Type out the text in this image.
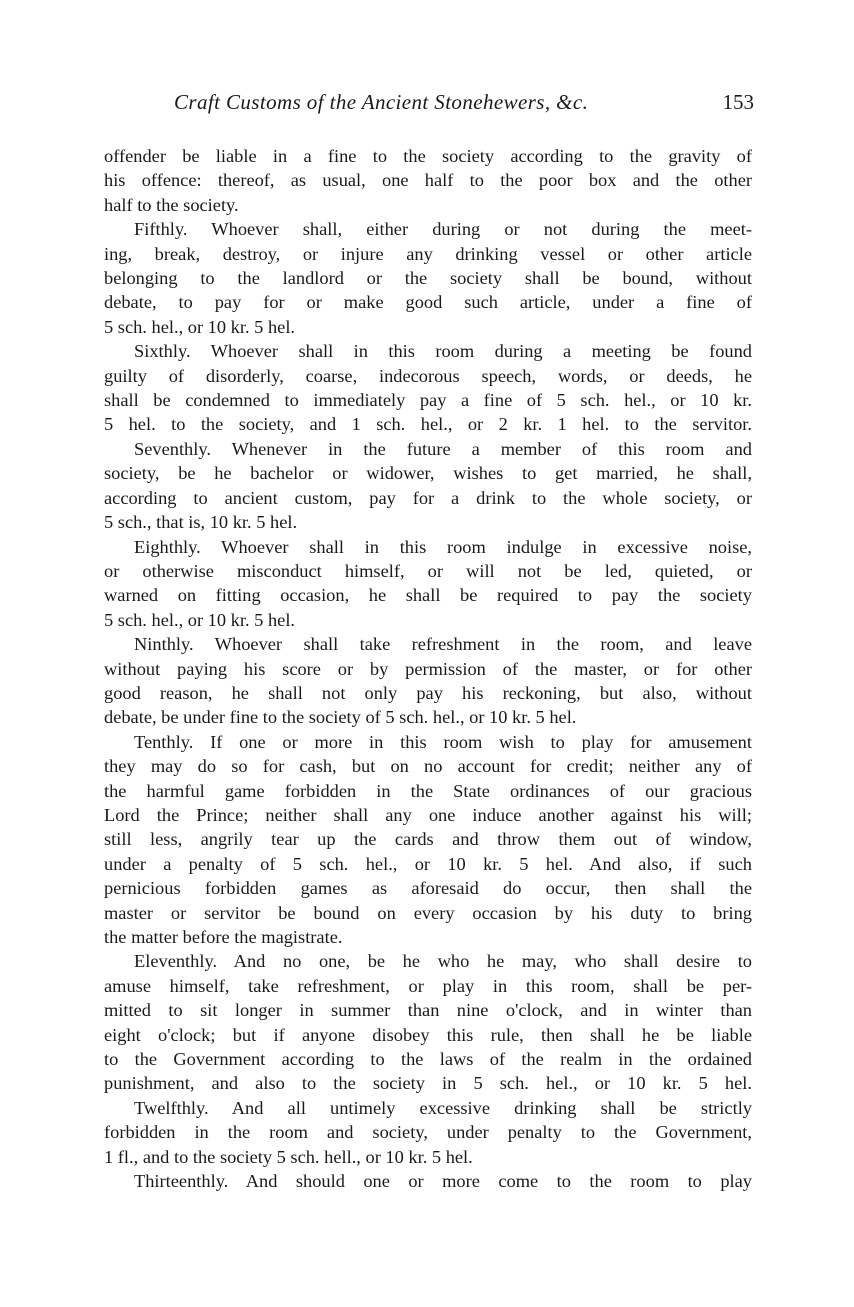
Craft Customs of the Ancient Stonehewers, &c.	153
offender be liable in a fine to the society according to the gravity of
his offence: thereof, as usual, one half to the poor box and the other
half to the society.
Fifthly. Whoever shall, either during or not during the meet-
ing, break, destroy, or injure any drinking vessel or other article
belonging to the landlord or the society shall be bound, without
debate, to pay for or make good such article, under a fine of
5 sch. hel., or 10 kr. 5 hel.
Sixthly. Whoever shall in this room during a meeting be found
guilty of disorderly, coarse, indecorous speech, words, or deeds, he
shall be condemned to immediately pay a fine of 5 sch. hel., or 10 kr.
5 hel. to the society, and 1 sch. hel., or 2 kr. 1 hel. to the servitor.
Seventhly. Whenever in the future a member of this room and
society, be he bachelor or widower, wishes to get married, he shall,
according to ancient custom, pay for a drink to the whole society, or
5 sch., that is, 10 kr. 5 hel.
Eighthly. Whoever shall in this room indulge in excessive noise,
or otherwise misconduct himself, or will not be led, quieted, or
warned on fitting occasion, he shall be required to pay the society
5 sch. hel., or 10 kr. 5 hel.
Ninthly. Whoever shall take refreshment in the room, and leave
without paying his score or by permission of the master, or for other
good reason, he shall not only pay his reckoning, but also, without
debate, be under fine to the society of 5 sch. hel., or 10 kr. 5 hel.
Tenthly. If one or more in this room wish to play for amusement
they may do so for cash, but on no account for credit; neither any of
the harmful game forbidden in the State ordinances of our gracious
Lord the Prince; neither shall any one induce another against his will;
still less, angrily tear up the cards and throw them out of window,
under a penalty of 5 sch. hel., or 10 kr. 5 hel. And also, if such
pernicious forbidden games as aforesaid do occur, then shall the
master or servitor be bound on every occasion by his duty to bring
the matter before the magistrate.
Eleventhly. And no one, be he who he may, who shall desire to
amuse himself, take refreshment, or play in this room, shall be per-
mitted to sit longer in summer than nine o'clock, and in winter than
eight o'clock; but if anyone disobey this rule, then shall he be liable
to the Government according to the laws of the realm in the ordained
punishment, and also to the society in 5 sch. hel., or 10 kr. 5 hel.
Twelfthly. And all untimely excessive drinking shall be strictly
forbidden in the room and society, under penalty to the Government,
1 fl., and to the society 5 sch. hell., or 10 kr. 5 hel.
Thirteenthly. And should one or more come to the room to play
